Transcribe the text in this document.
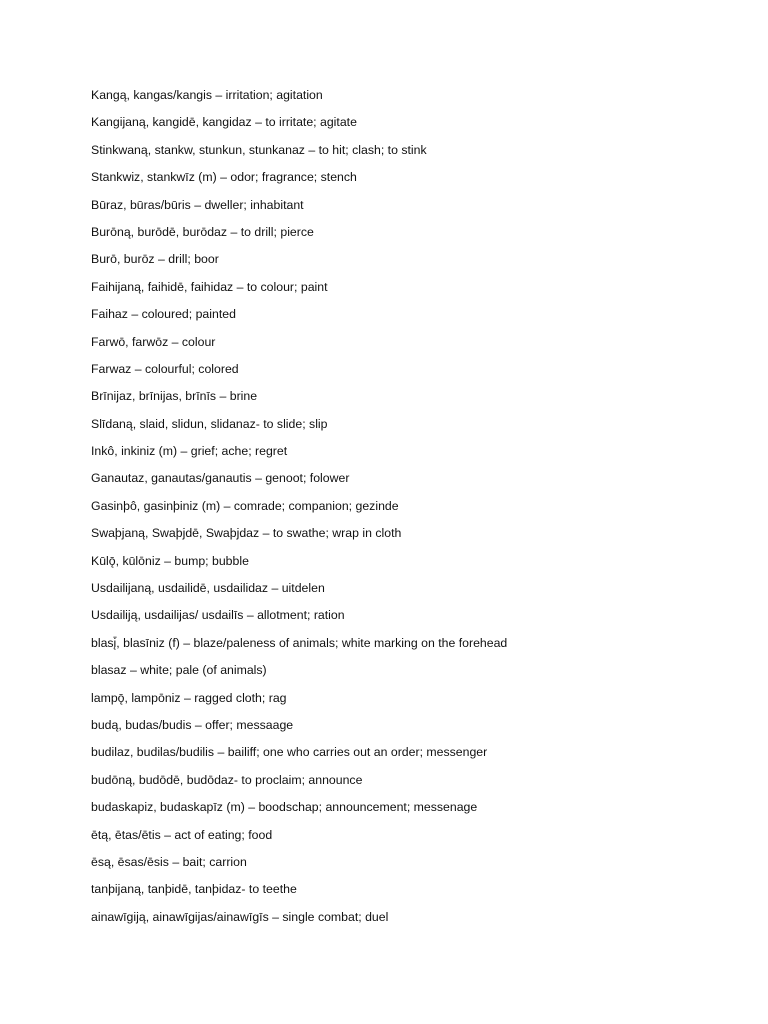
Kangą, kangas/kangis – irritation; agitation
Kangijaną, kangidē, kangidaz – to irritate; agitate
Stinkwaną, stankw, stunkun, stunkanaz – to hit; clash; to stink
Stankwiz, stankwīz (m) – odor; fragrance; stench
Būraz, būras/būris – dweller; inhabitant
Burōną, burōdē, burōdaz – to drill; pierce
Burō, burōz – drill; boor
Faihijaną, faihidē, faihidaz – to colour; paint
Faihaz – coloured; painted
Farwō, farwōz – colour
Farwaz – colourful; colored
Brīnijaz, brīnijas, brīnīs – brine
Slīdaną, slaid, slidun, slidanaz- to slide; slip
Inkô, inkiniz (m) – grief; ache; regret
Ganautaz, ganautas/ganautis – genoot; folower
Gasinþô, gasinþiniz (m) – comrade; companion; gezinde
Swaþjaną, Swaþjdē, Swaþjdaz – to swathe; wrap in cloth
Kūlǭ, kūlōniz – bump; bubble
Usdailijaną, usdailidē, usdailidaz – uitdelen
Usdailiją, usdailijas/ usdailīs – allotment; ration
blasį̄, blasīniz (f) – blaze/paleness of animals; white marking on the forehead
blasaz – white; pale (of animals)
lampǭ, lampōniz – ragged cloth; rag
budą, budas/budis – offer; messaage
budilaz, budilas/budilis – bailiff; one who carries out an order; messenger
budōną, budōdē, budōdaz- to proclaim; announce
budaskapiz, budaskapīz (m) – boodschap; announcement; messenage
ētą, ētas/ētis – act of eating; food
ēsą, ēsas/ēsis – bait; carrion
tanþijaną, tanþidē, tanþidaz- to teethe
ainawīgiją, ainawīgijas/ainawīgīs – single combat; duel
